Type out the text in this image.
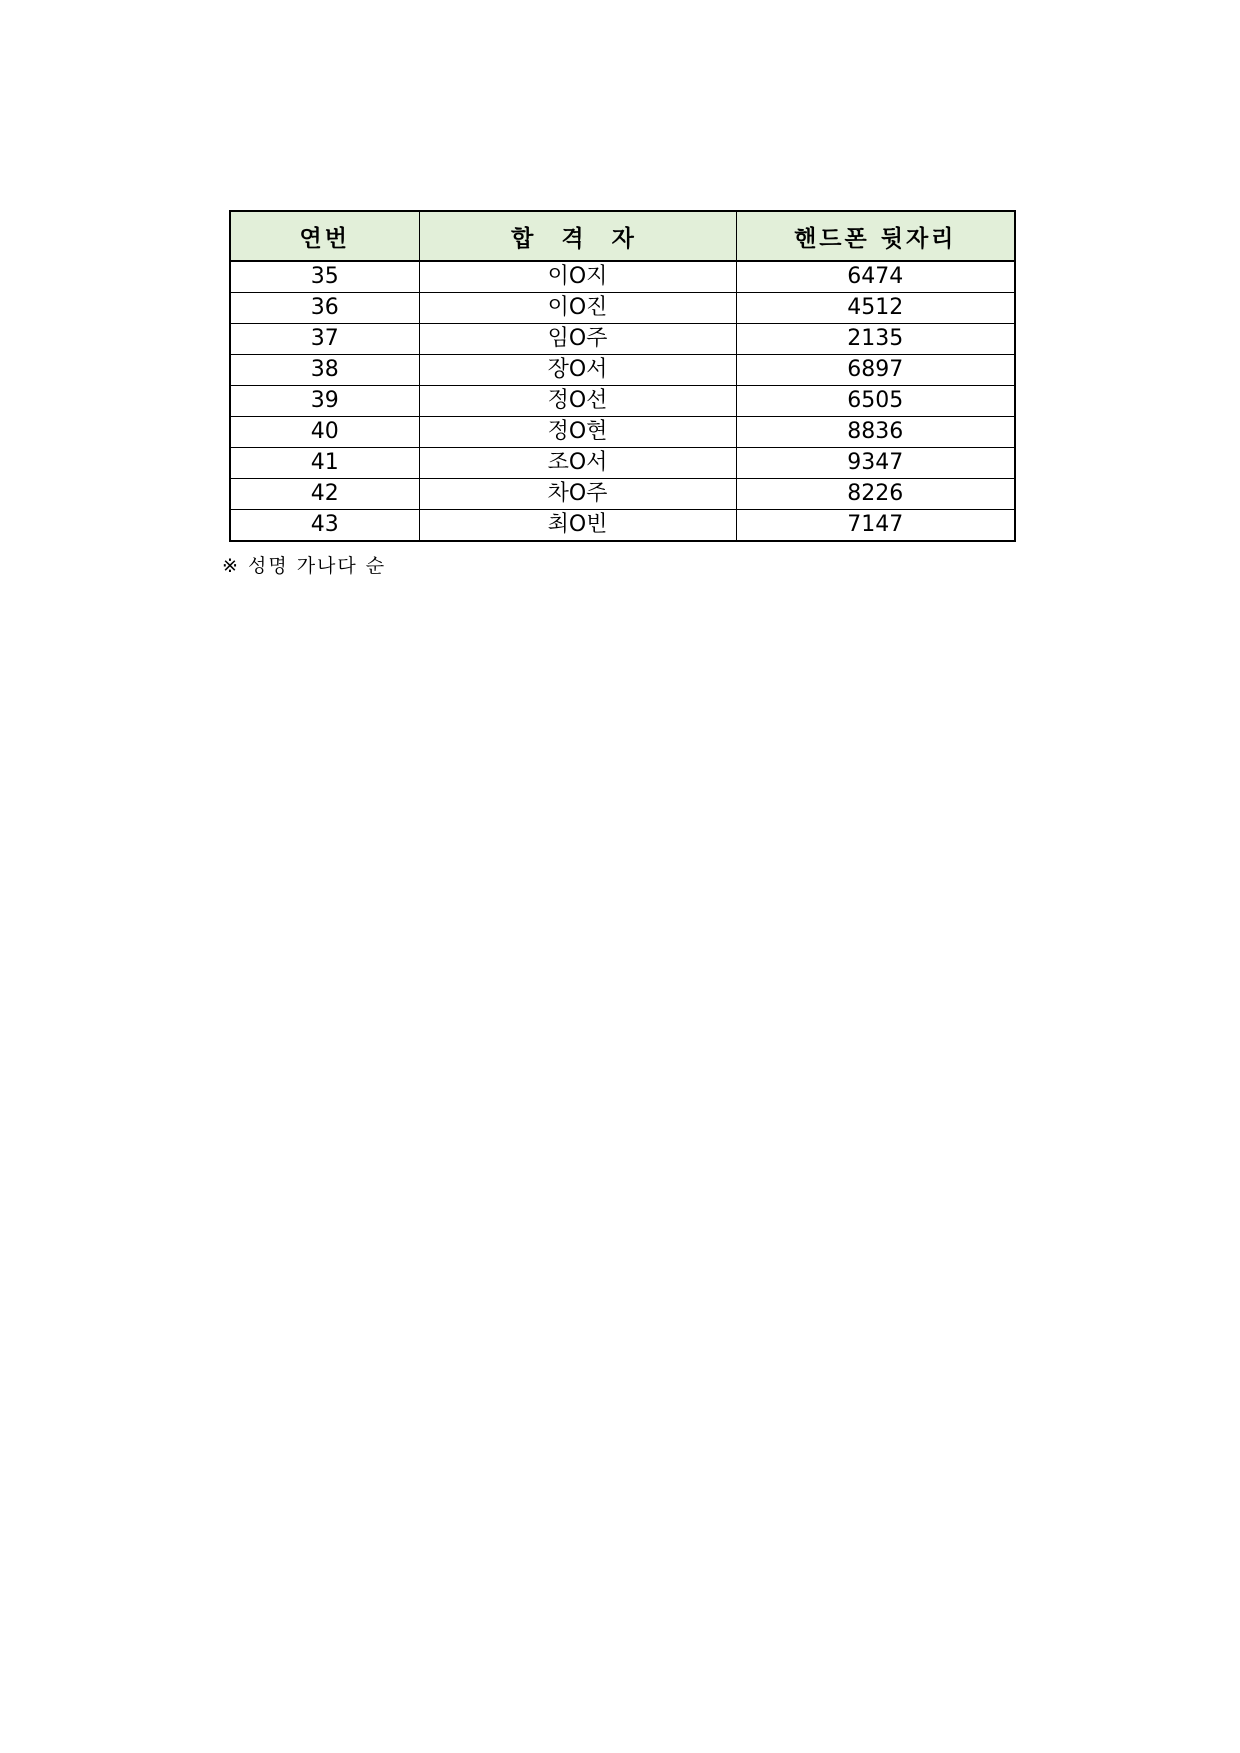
연번	합 격 자	핸드폰 뒷자리
35	이O지	6474
36	이O진	4512
37	임O주	2135
38	장O서	6897
39	정O선	6505
40	정O현	8836
41	조O서	9347
42	차O주	8226
43	최O빈	7147
※ 성명 가나다 순
